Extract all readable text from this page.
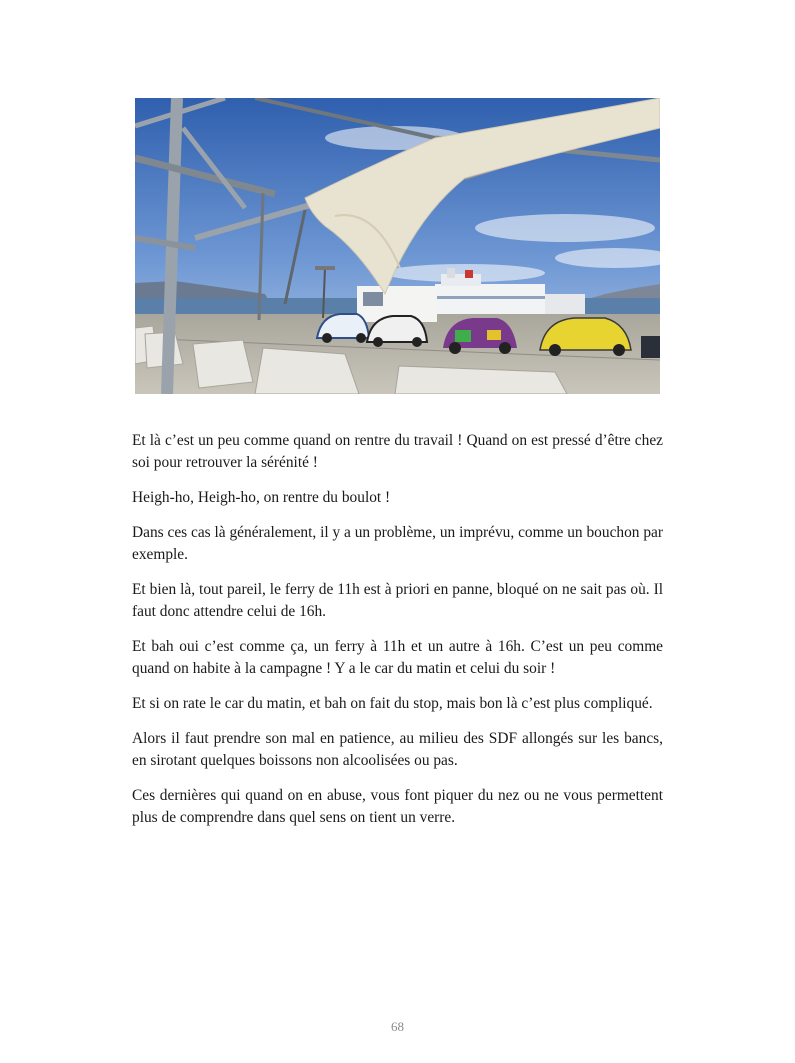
Et là c’est un peu comme quand on rentre du travail ! Quand on est pressé d’être chez soi pour retrouver la sérénité !

Heigh-ho, Heigh-ho, on rentre du boulot !

Dans ces cas là généralement, il y a un problème, un imprévu, comme un bouchon par exemple.

Et bien là, tout pareil, le ferry de 11h est à priori en panne, bloqué on ne sait pas où. Il faut donc attendre celui de 16h.

Et bah oui c’est comme ça, un ferry à 11h et un autre à 16h. C’est un peu comme quand on habite à la campagne ! Y a le car du matin et celui du soir !

Et si on rate le car du matin, et bah on fait du stop, mais bon là c’est plus compliqué.

Alors il faut prendre son mal en patience, au milieu des SDF allongés sur les bancs, en sirotant quelques boissons non alcoolisées ou pas.

Ces dernières qui quand on en abuse, vous font piquer du nez ou ne vous permettent plus de comprendre dans quel sens on tient un verre.

68
